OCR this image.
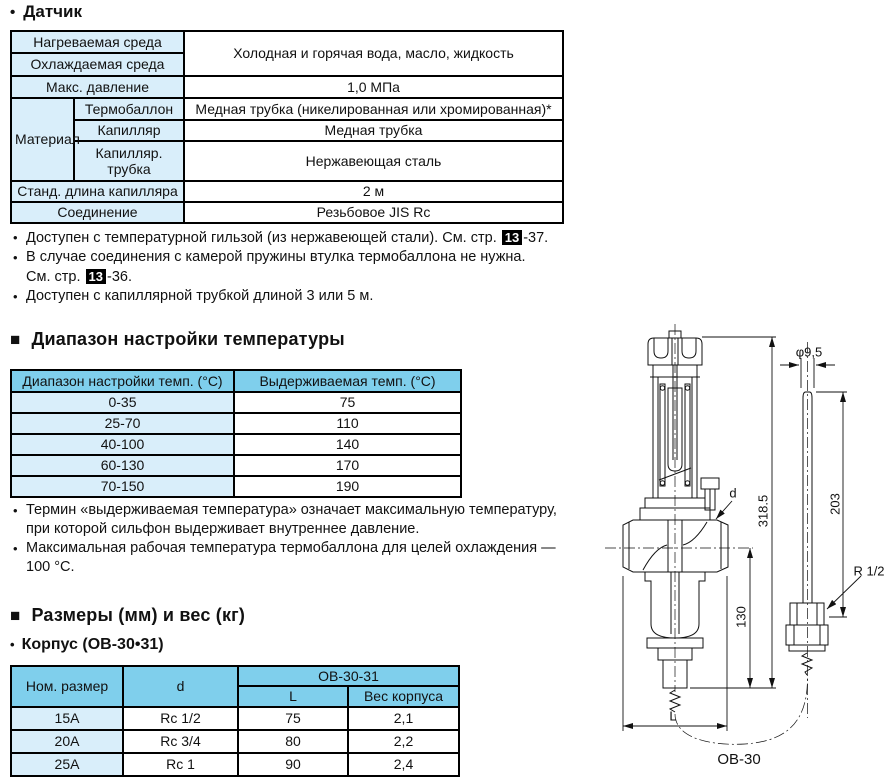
• Датчик
Нагреваемая среда		Холодная и горячая вода, масло, жидкость
Охлаждаемая среда		
Макс. давление		1,0 МПа
Материал	Термобаллон	Медная трубка (никелированная или хромированная)*
	Капилляр	Медная трубка
	Капилляр. трубка	Нержавеющая сталь
Станд. длина капилляра		2 м
Соединение		Резьбовое JIS Rc
• Доступен с температурной гильзой (из нержавеющей стали). См. стр. 13 -37.
• В случае соединения с камерой пружины втулка термобаллона не нужна.
См. стр. 13 -36.
• Доступен с капиллярной трубкой длиной 3 или 5 м.
■ Диапазон настройки температуры
Диапазон настройки темп. (°C)	Выдерживаемая темп. (°C)
0-35	75
25-70	110
40-100	140
60-130	170
70-150	190
• Термин «выдерживаемая температура» означает максимальную температуру,
при которой сильфон выдерживает внутреннее давление.
• Максимальная рабочая температура термобаллона для целей охлаждения —
100 °C.
■ Размеры (мм) и вес (кг)
• Корпус (OB-30•31)
Ном. размер	d	OB-30-31	
		L	Вес корпуса
15A	Rc 1/2	75	2,1
20A	Rc 3/4	80	2,2
25A	Rc 1	90	2,4
φ9,5
318.5	203
130
d
R 1/2
L
OB-30
